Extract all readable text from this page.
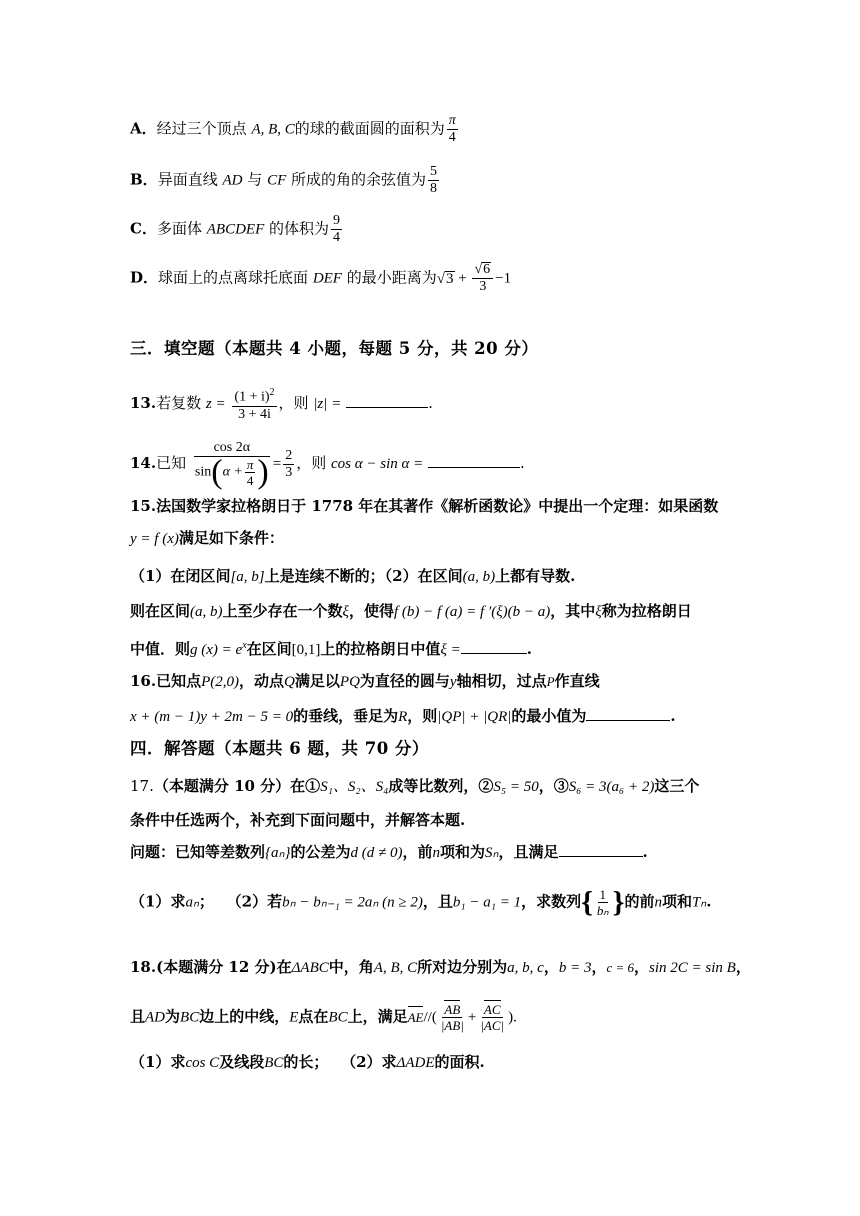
A．经过三个顶点 A, B, C的球的截面圆的面积为 $\frac{\pi}{4}$
B．异面直线 AD 与 CF 所成的角的余弦值为 $\frac{5}{8}$
C．多面体 ABCDEF 的体积为 $\frac{9}{4}$
D．球面上的点离球托底面 DEF 的最小距离为$√3 + \frac{√6}{3} -1$
三．填空题（本题共 4 小题，每题 5 分，共 20 分）
13.若复数 $z = \frac{(1 + i)^2}{3 + 4i}$ ，则 |z| =	.
14.已知 $\frac{\cos 2\alpha}{\sin(\alpha + \frac{\pi}{4} )} = \frac{2}{3}$ ，则 cos α − sin α =	.
15.法国数学家拉格朗日于 1778 年在其著作《解析函数论》中提出一个定理：如果函数
y = f (x)满足如下条件：
（1）在闭区间[a, b]上是连续不断的；（2）在区间(a, b)上都有导数.
则在区间(a, b)上至少存在一个数ξ，使得f (b) − f (a) = f ′(ξ)(b − a)，其中ξ称为拉格朗日
中值．则g $(x) = e^x$在区间[0,1]上的拉格朗日中值ξ =	.
16.已知点P(2,0)，动点Q满足以PQ为直径的圆与y轴相切，过点P作直线
x + (m − 1)y + 2m − 5 = 0的垂线，垂足为R，则|QP| + |QR|的最小值为	.
四．解答题（本题共 6 题，共 70 分）
17.（本题满分 10 分）在①S₁、S₂、S₄成等比数列，②S₅ = 50，③S₆ = 3(a₆ + 2)这三个
条件中任选两个，补充到下面问题中，并解答本题.
问题：已知等差数列{aₙ}的公差为d (d ≠ 0)，前n项和为Sₙ，且满足	.
（1）求aₙ；　 （2）若bₙ − bₙ₋₁ = 2aₙ (n ≥ 2)，且b₁ − a₁ = 1，求数列{ $\frac{1}{\text{bₙ}}$ }的前n项和Tₙ.
18.(本题满分 12 分)在ΔABC中，角A, B, C所对边分别为a, b, c，b = 3，c = 6，sin 2C = sin B，
且AD为BC边上的中线，E点在BC上，满足$AE//( \frac{AB}{|AB|} + \frac{AC}{|AC|}$ ).
（1）求cos C及线段BC的长；　 （2）求ΔADE的面积.
